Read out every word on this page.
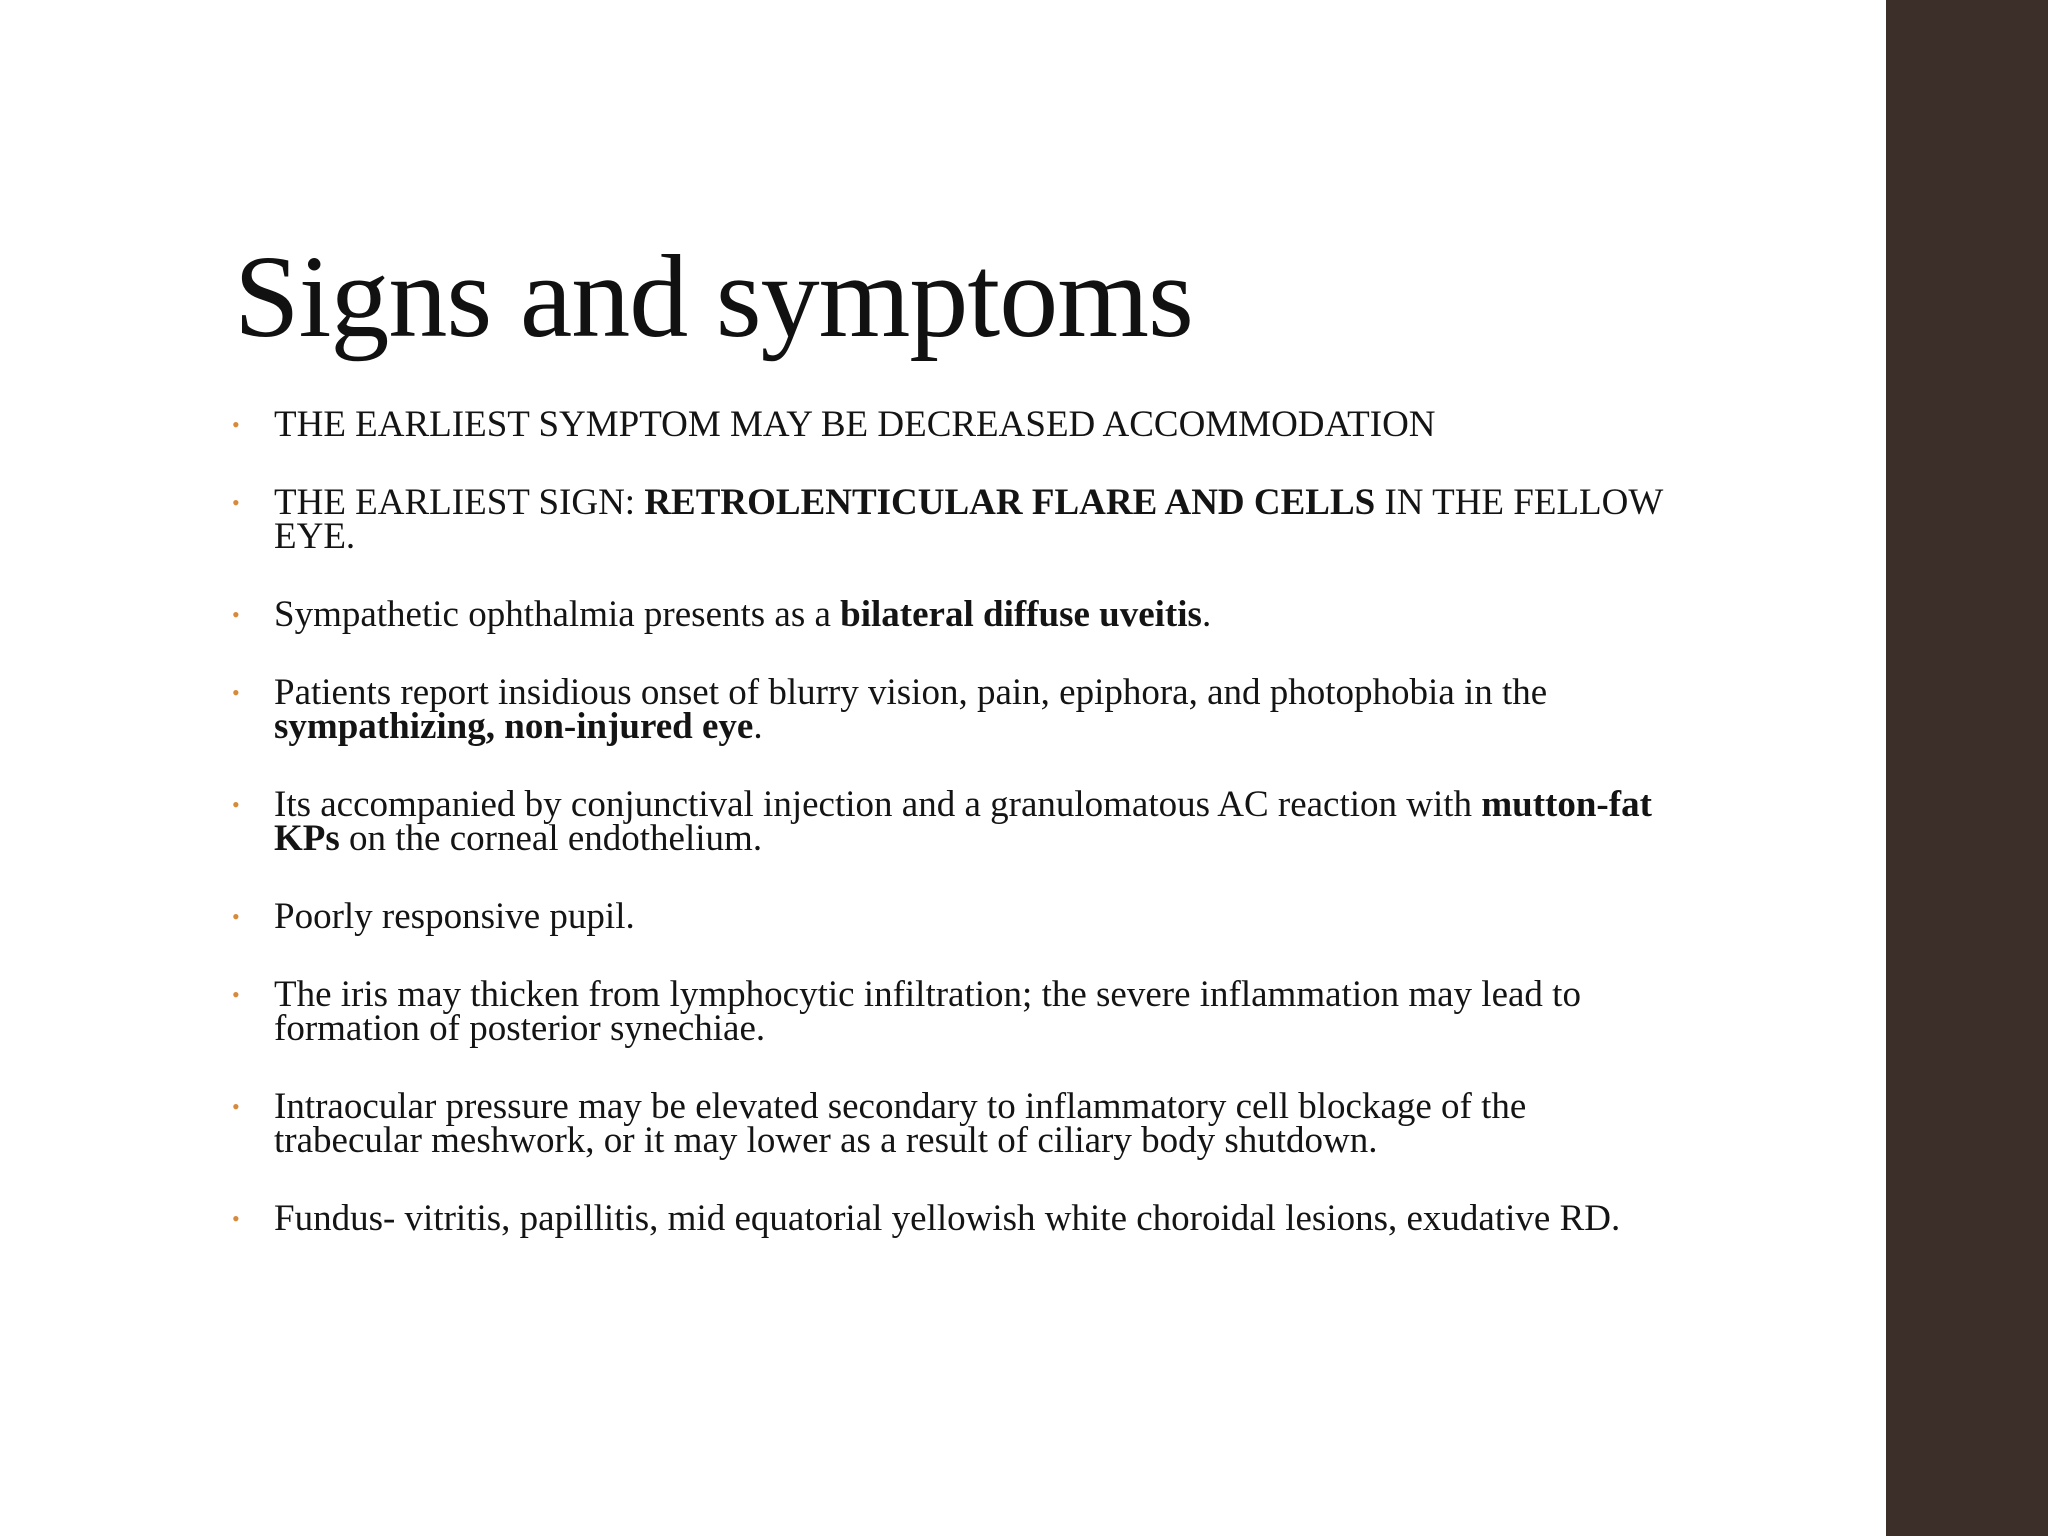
Signs and symptoms
• THE EARLIEST SYMPTOM MAY BE DECREASED ACCOMMODATION
• THE EARLIEST SIGN: RETROLENTICULAR FLARE AND CELLS IN THE FELLOW EYE.
• Sympathetic ophthalmia presents as a bilateral diffuse uveitis.
• Patients report insidious onset of blurry vision, pain, epiphora, and photophobia in the sympathizing, non-injured eye.
• Its accompanied by conjunctival injection and a granulomatous AC reaction with mutton-fat KPs on the corneal endothelium.
• Poorly responsive pupil.
• The iris may thicken from lymphocytic infiltration; the severe inflammation may lead to formation of posterior synechiae.
• Intraocular pressure may be elevated secondary to inflammatory cell blockage of the trabecular meshwork, or it may lower as a result of ciliary body shutdown.
• Fundus- vitritis, papillitis, mid equatorial yellowish white choroidal lesions, exudative RD.
